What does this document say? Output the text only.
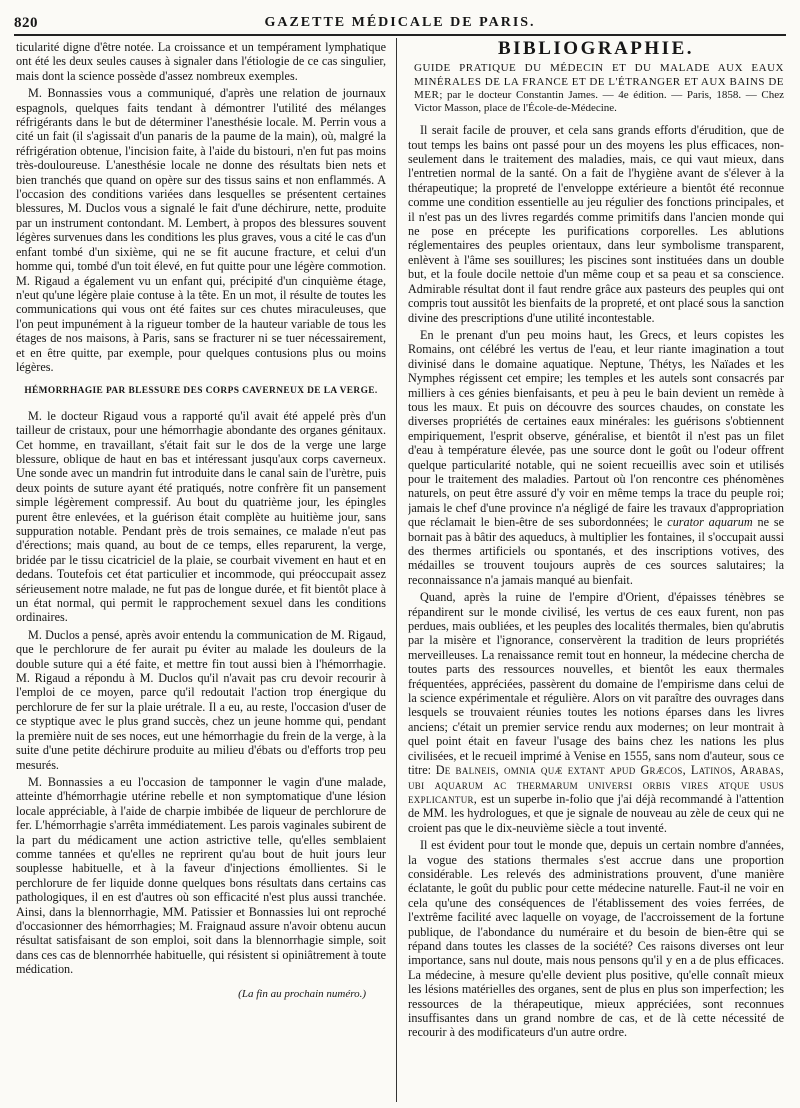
820	GAZETTE MÉDICALE DE PARIS.

ticularité digne d'être notée. La croissance et un tempérament lymphatique ont été les deux seules causes à signaler dans l'étiologie de ce cas singulier, mais dont la science possède d'assez nombreux exemples.

M. Bonnassies vous a communiqué, d'après une relation de journaux espagnols, quelques faits tendant à démontrer l'utilité des mélanges réfrigérants dans le but de déterminer l'anesthésie locale. M. Perrin vous a cité un fait (il s'agissait d'un panaris de la paume de la main), où, malgré la réfrigération obtenue, l'incision faite, à l'aide du bistouri, n'en fut pas moins très-douloureuse. L'anesthésie locale ne donne des résultats bien nets et bien tranchés que quand on opère sur des tissus sains et non enflammés. A l'occasion des conditions variées dans lesquelles se présentent certaines blessures, M. Duclos vous a signalé le fait d'une déchirure, nette, produite par un instrument contondant. M. Lembert, à propos des blessures souvent légères survenues dans les conditions les plus graves, vous a cité le cas d'un enfant tombé d'un sixième, qui ne se fit aucune fracture, et celui d'un homme qui, tombé d'un toit élevé, en fut quitte pour une légère commotion. M. Rigaud a également vu un enfant qui, précipité d'un cinquième étage, n'eut qu'une légère plaie contuse à la tête. En un mot, il résulte de toutes les communications qui vous ont été faites sur ces chutes miraculeuses, que l'on peut impunément à la rigueur tomber de la hauteur variable de tous les étages de nos maisons, à Paris, sans se fracturer ni se tuer nécessairement, et en être quitte, par exemple, pour quelques contusions plus ou moins légères.

HÉMORRHAGIE PAR BLESSURE DES CORPS CAVERNEUX DE LA VERGE.

M. le docteur Rigaud vous a rapporté qu'il avait été appelé près d'un tailleur de cristaux, pour une hémorrhagie abondante des organes génitaux. Cet homme, en travaillant, s'était fait sur le dos de la verge une large blessure, oblique de haut en bas et intéressant jusqu'aux corps caverneux. Une sonde avec un mandrin fut introduite dans le canal sain de l'urètre, puis deux points de suture ayant été pratiqués, notre confrère fit un pansement simple légèrement compressif. Au bout du quatrième jour, les épingles purent être enlevées, et la guérison était complète au huitième jour, sans suppuration notable. Pendant près de trois semaines, ce malade n'eut pas d'érections; mais quand, au bout de ce temps, elles reparurent, la verge, bridée par le tissu cicatriciel de la plaie, se courbait vivement en haut et en dedans. Toutefois cet état particulier et incommode, qui préoccupait assez sérieusement notre malade, ne fut pas de longue durée, et fit bientôt place à un état normal, qui permit le rapprochement sexuel dans les conditions ordinaires.

M. Duclos a pensé, après avoir entendu la communication de M. Rigaud, que le perchlorure de fer aurait pu éviter au malade les douleurs de la double suture qui a été faite, et mettre fin tout aussi bien à l'hémorrhagie. M. Rigaud a répondu à M. Duclos qu'il n'avait pas cru devoir recourir à l'emploi de ce moyen, parce qu'il redoutait l'action trop énergique du perchlorure de fer sur la plaie urétrale. Il a eu, au reste, l'occasion d'user de ce styptique avec le plus grand succès, chez un jeune homme qui, pendant la première nuit de ses noces, eut une hémorrhagie du frein de la verge, à la suite d'une petite déchirure produite au milieu d'ébats ou d'efforts trop peu mesurés.

M. Bonnassies a eu l'occasion de tamponner le vagin d'une malade, atteinte d'hémorrhagie utérine rebelle et non symptomatique d'une lésion locale appréciable, à l'aide de charpie imbibée de liqueur de perchlorure de fer. L'hémorrhagie s'arrêta immédiatement. Les parois vaginales subirent de la part du médicament une action astrictive telle, qu'elles semblaient comme tannées et qu'elles ne reprirent qu'au bout de huit jours leur souplesse habituelle, et à la faveur d'injections émollientes. Si le perchlorure de fer liquide donne quelques bons résultats dans certains cas pathologiques, il en est d'autres où son efficacité n'est plus aussi tranchée. Ainsi, dans la blennorrhagie, MM. Patissier et Bonnassies lui ont reproché d'occasionner des hémorrhagies; M. Fraignaud assure n'avoir obtenu aucun résultat satisfaisant de son emploi, soit dans la blennorrhagie simple, soit dans ces cas de blennorrhée habituelle, qui résistent si opiniâtrement à toute médication.

(La fin au prochain numéro.)
BIBLIOGRAPHIE.
GUIDE PRATIQUE DU MÉDECIN ET DU MALADE AUX EAUX MINÉRALES DE LA FRANCE ET DE L'ÉTRANGER ET AUX BAINS DE MER; par le docteur Constantin James. — 4e édition. — Paris, 1858. — Chez Victor Masson, place de l'École-de-Médecine.

Il serait facile de prouver, et cela sans grands efforts d'érudition, que de tout temps les bains ont passé pour un des moyens les plus efficaces, non-seulement dans le traitement des maladies, mais, ce qui vaut mieux, dans l'entretien normal de la santé. On a fait de l'hygiène avant de s'élever à la thérapeutique; la propreté de l'enveloppe extérieure a bientôt été reconnue comme une condition essentielle au jeu régulier des fonctions principales, et il n'est pas un des livres regardés comme primitifs dans l'ancien monde qui ne pose en précepte les purifications corporelles. Les ablutions réglementaires des peuples orientaux, dans leur symbolisme transparent, enlèvent à l'âme ses souillures; les piscines sont instituées dans un double but, et la foule docile nettoie d'un même coup et sa peau et sa conscience. Admirable résultat dont il faut rendre grâce aux pasteurs des peuples qui ont compris tout aussitôt les bienfaits de la propreté, et ont placé sous la sanction divine des prescriptions d'une utilité incontestable.

En le prenant d'un peu moins haut, les Grecs, et leurs copistes les Romains, ont célébré les vertus de l'eau, et leur riante imagination a tout divinisé dans le domaine aquatique. Neptune, Thétys, les Naïades et les Nymphes régissent cet empire; les temples et les autels sont consacrés par milliers à ces génies bienfaisants, et peu à peu le bain devient un remède à tous les maux. Et puis on découvre des sources chaudes, on constate les diverses propriétés de certaines eaux minérales: les guérisons s'obtiennent empiriquement, l'esprit observe, généralise, et bientôt il n'est pas un filet d'eau à température élevée, pas une source dont le goût ou l'odeur offrent quelque particularité notable, qui ne soient recueillis avec soin et utilisés pour le traitement des maladies. Partout où l'on rencontre ces phénomènes naturels, on peut être assuré d'y voir en même temps la trace du peuple roi; jamais le chef d'une province n'a négligé de faire les travaux d'appropriation que réclamait le bien-être de ses subordonnées; le curator aquarum ne se bornait pas à bâtir des aqueducs, à multiplier les fontaines, il s'occupait aussi des thermes artificiels ou spontanés, et des inscriptions votives, des médailles se trouvent toujours auprès de ces sources salutaires; la reconnaissance n'a jamais manqué au bienfait.

Quand, après la ruine de l'empire d'Orient, d'épaisses ténèbres se répandirent sur le monde civilisé, les vertus de ces eaux furent, non pas perdues, mais oubliées, et les peuples des localités thermales, bien qu'abrutis par la misère et l'ignorance, conservèrent la tradition de leurs propriétés merveilleuses. La renaissance remit tout en honneur, la médecine chercha de toutes parts des ressources nouvelles, et bientôt les eaux thermales fréquentées, appréciées, passèrent du domaine de l'empirisme dans celui de la science expérimentale et régulière. Alors on vit paraître des ouvrages dans lesquels se trouvaient réunies toutes les notions éparses dans les livres anciens; c'était un premier service rendu aux modernes; on leur montrait à quel point était en faveur l'usage des bains chez les nations les plus civilisées, et le recueil imprimé à Venise en 1555, sans nom d'auteur, sous ce titre: De balneis, omnia quæ extant apud Græcos, Latinos, Arabas, ubi aquarum ac thermarum universi orbis vires atque usus explicantur, est un superbe in-folio que j'ai déjà recommandé à l'attention de MM. les hydrologues, et que je signale de nouveau au zèle de ceux qui ne croient pas que le dix-neuvième siècle a tout inventé.

Il est évident pour tout le monde que, depuis un certain nombre d'années, la vogue des stations thermales s'est accrue dans une proportion considérable. Les relevés des administrations prouvent, d'une manière éclatante, le goût du public pour cette médecine naturelle. Faut-il ne voir en cela qu'une des conséquences de l'établissement des voies ferrées, de l'extrême facilité avec laquelle on voyage, de l'accroissement de la fortune publique, de l'abondance du numéraire et du besoin de bien-être qui se répand dans toutes les classes de la société? Ces raisons diverses ont leur importance, sans nul doute, mais nous pensons qu'il y en a de plus efficaces. La médecine, à mesure qu'elle devient plus positive, qu'elle connaît mieux les lésions matérielles des organes, sent de plus en plus son imperfection; les ressources de la thérapeutique, mieux appréciées, sont reconnues insuffisantes dans un grand nombre de cas, et de là cette nécessité de recourir à des modificateurs d'un autre ordre.
